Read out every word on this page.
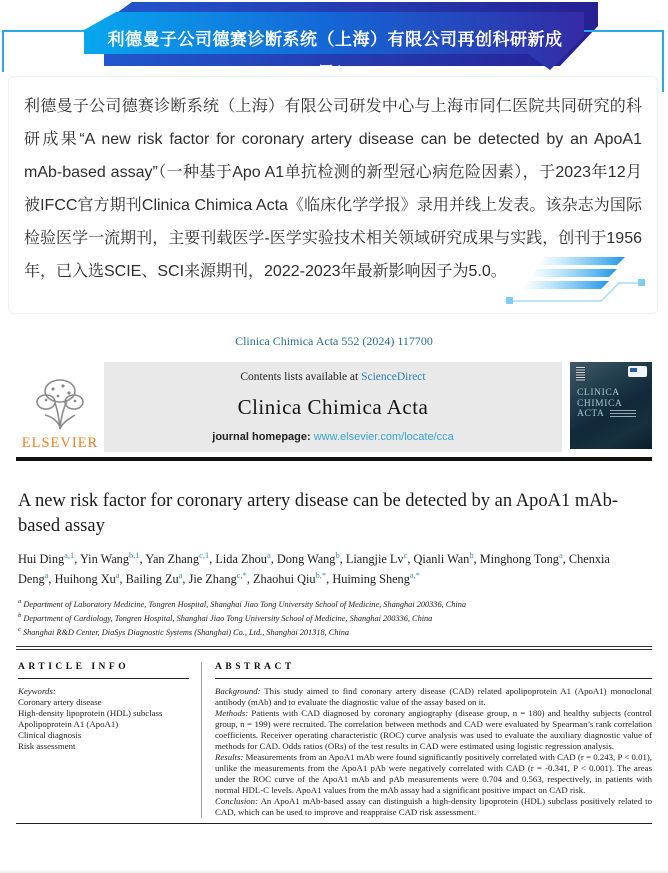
利德曼子公司德赛诊断系统（上海）有限公司再创科研新成果！

利德曼子公司德赛诊断系统（上海）有限公司研发中心与上海市同仁医院共同研究的科研成果“A new risk factor for coronary artery disease can be detected by an ApoA1 mAb-based assay”（一种基于Apo A1单抗检测的新型冠心病危险因素），于2023年12月被IFCC官方期刊Clinica Chimica Acta《临床化学学报》录用并线上发表。该杂志为国际检验医学一流期刊，主要刊载医学-医学实验技术相关领域研究成果与实践，创刊于1956年，已入选SCIE、SCI来源期刊，2022-2023年最新影响因子为5.0。

Clinica Chimica Acta 552 (2024) 117700
ELSEVIER
Contents lists available at ScienceDirect
Clinica Chimica Acta
journal homepage: www.elsevier.com/locate/cca
CLINICA CHIMICA ACTA
A new risk factor for coronary artery disease can be detected by an ApoA1 mAb-based assay
Hui Ding$^{a,1}$, Yin Wang$^{b,1}$, Yan Zhang$^{c,1}$, Lida Zhou$^a$, Dong Wang$^b$, Liangjie Lv$^c$, Qianli Wan$^b$, Minghong Tong$^a$, Chenxia Deng$^a$, Huihong Xu$^a$, Bailing Zu$^a$, Jie Zhang$^{c,*}$, Zhaohui Qiu$^{b,*}$, Huiming Sheng$^{a,*}$
$^a$ Department of Laboratory Medicine, Tongren Hospital, Shanghai Jiao Tong University School of Medicine, Shanghai 200336, China
$^b$ Department of Cardiology, Tongren Hospital, Shanghai Jiao Tong University School of Medicine, Shanghai 200336, China
$^c$ Shanghai R&D Center, DiaSys Diagnostic Systems (Shanghai) Co., Ltd., Shanghai 201318, China
ARTICLE INFO
Keywords:
Coronary artery disease
High-density lipoprotein (HDL) subclass
Apolipoprotein A1 (ApoA1)
Clinical diagnosis
Risk assessment
ABSTRACT
Background: This study aimed to find coronary artery disease (CAD) related apolipoprotein A1 (ApoA1) monoclonal antibody (mAb) and to evaluate the diagnostic value of the assay based on it.
Methods: Patients with CAD diagnosed by coronary angiography (disease group, n = 180) and healthy subjects (control group, n = 199) were recruited. The correlation between methods and CAD were evaluated by Spearman’s rank correlation coefficients. Receiver operating characteristic (ROC) curve analysis was used to evaluate the auxiliary diagnostic value of methods for CAD. Odds ratios (ORs) of the test results in CAD were estimated using logistic regression analysis.
Results: Measurements from an ApoA1 mAb were found significantly positively correlated with CAD (r = 0.243, P < 0.01), unlike the measurements from the ApoA1 pAb were negatively correlated with CAD (r = -0.341, P < 0.001). The areas under the ROC curve of the ApoA1 mAb and pAb measurements were 0.704 and 0.563, respectively, in patients with normal HDL-C levels. ApoA1 values from the mAb assay had a significant positive impact on CAD risk.
Conclusion: An ApoA1 mAb-based assay can distinguish a high-density lipoprotein (HDL) subclass positively related to CAD, which can be used to improve and reappraise CAD risk assessment.
